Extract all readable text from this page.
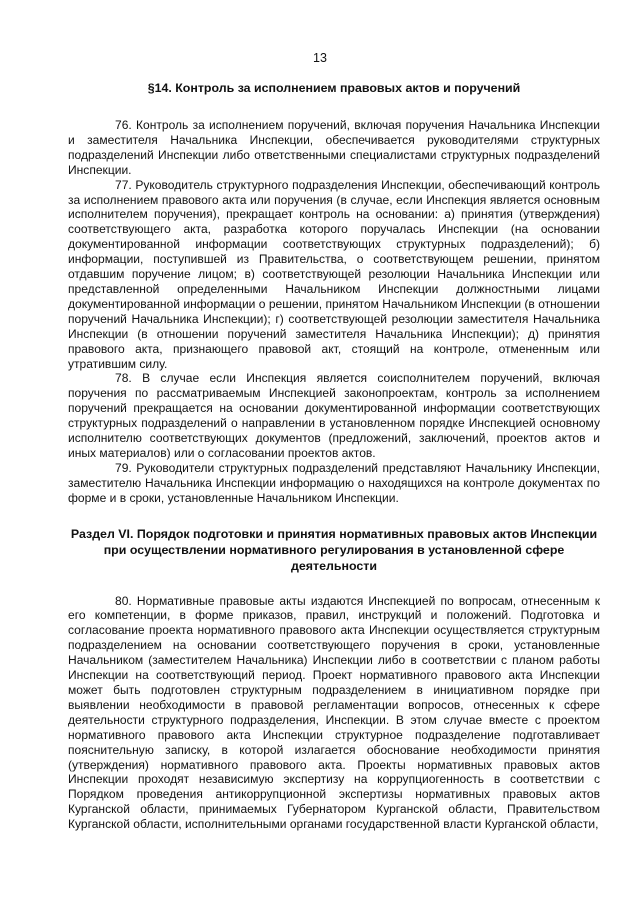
13

§14. Контроль за исполнением правовых актов и поручений

76. Контроль за исполнением поручений, включая поручения Начальника Инспекции и заместителя Начальника Инспекции, обеспечивается руководителями структурных подразделений Инспекции либо ответственными специалистами структурных подразделений Инспекции.

77. Руководитель структурного подразделения Инспекции, обеспечивающий контроль за исполнением правового акта или поручения (в случае, если Инспекция является основным исполнителем поручения), прекращает контроль на основании: а) принятия (утверждения) соответствующего акта, разработка которого поручалась Инспекции (на основании документированной информации соответствующих структурных подразделений); б) информации, поступившей из Правительства, о соответствующем решении, принятом отдавшим поручение лицом; в) соответствующей резолюции Начальника Инспекции или представленной определенными Начальником Инспекции должностными лицами документированной информации о решении, принятом Начальником Инспекции (в отношении поручений Начальника Инспекции); г) соответствующей резолюции заместителя Начальника Инспекции (в отношении поручений заместителя Начальника Инспекции); д) принятия правового акта, признающего правовой акт, стоящий на контроле, отмененным или утратившим силу.

78. В случае если Инспекция является соисполнителем поручений, включая поручения по рассматриваемым Инспекцией законопроектам, контроль за исполнением поручений прекращается на основании документированной информации соответствующих структурных подразделений о направлении в установленном порядке Инспекцией основному исполнителю соответствующих документов (предложений, заключений, проектов актов и иных материалов) или о согласовании проектов актов.

79. Руководители структурных подразделений представляют Начальнику Инспекции, заместителю Начальника Инспекции информацию о находящихся на контроле документах по форме и в сроки, установленные Начальником Инспекции.

Раздел VI. Порядок подготовки и принятия нормативных правовых актов Инспекции при осуществлении нормативного регулирования в установленной сфере деятельности

80. Нормативные правовые акты издаются Инспекцией по вопросам, отнесенным к его компетенции, в форме приказов, правил, инструкций и положений. Подготовка и согласование проекта нормативного правового акта Инспекции осуществляется структурным подразделением на основании соответствующего поручения в сроки, установленные Начальником (заместителем Начальника) Инспекции либо в соответствии с планом работы Инспекции на соответствующий период. Проект нормативного правового акта Инспекции может быть подготовлен структурным подразделением в инициативном порядке при выявлении необходимости в правовой регламентации вопросов, отнесенных к сфере деятельности структурного подразделения, Инспекции. В этом случае вместе с проектом нормативного правового акта Инспекции структурное подразделение подготавливает пояснительную записку, в которой излагается обоснование необходимости принятия (утверждения) нормативного правового акта. Проекты нормативных правовых актов Инспекции проходят независимую экспертизу на коррупциогенность в соответствии с Порядком проведения антикоррупционной экспертизы нормативных правовых актов Курганской области, принимаемых Губернатором Курганской области, Правительством Курганской области, исполнительными органами государственной власти Курганской области,
